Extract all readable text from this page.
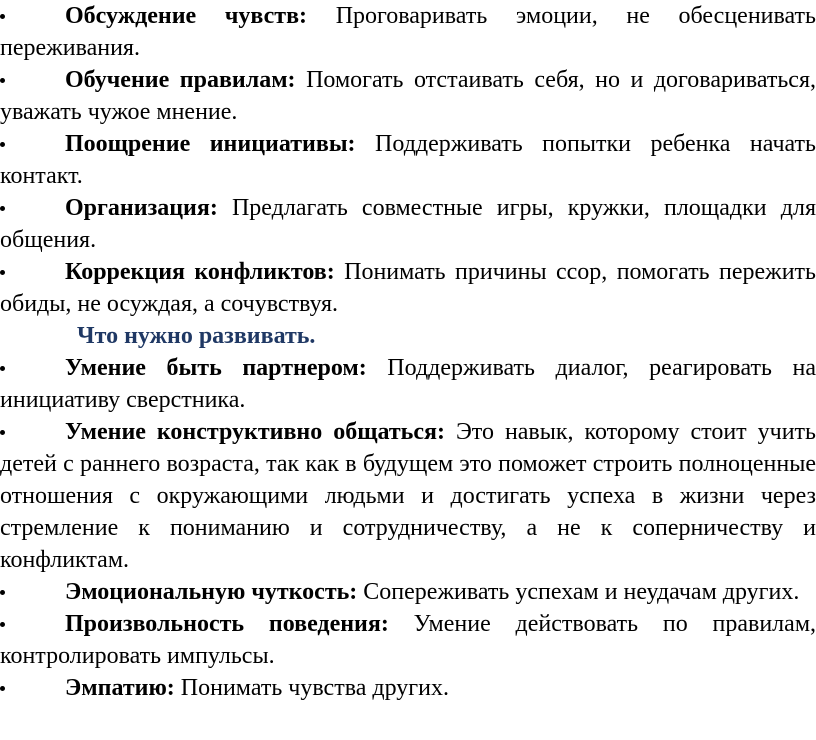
Обсуждение чувств: Проговаривать эмоции, не обесценивать переживания.

Обучение правилам: Помогать отстаивать себя, но и договариваться, уважать чужое мнение.

Поощрение инициативы: Поддерживать попытки ребенка начать контакт.

Организация: Предлагать совместные игры, кружки, площадки для общения.

Коррекция конфликтов: Понимать причины ссор, помогать пережить обиды, не осуждая, а сочувствуя.

Что нужно развивать.

Умение быть партнером: Поддерживать диалог, реагировать на инициативу сверстника.

Умение конструктивно общаться: Это навык, которому стоит учить детей с раннего возраста, так как в будущем это поможет строить полноценные отношения с окружающими людьми и достигать успеха в жизни через стремление к пониманию и сотрудничеству, а не к соперничеству и конфликтам.

Эмоциональную чуткость: Сопереживать успехам и неудачам других.

Произвольность поведения: Умение действовать по правилам, контролировать импульсы.

Эмпатию: Понимать чувства других.
